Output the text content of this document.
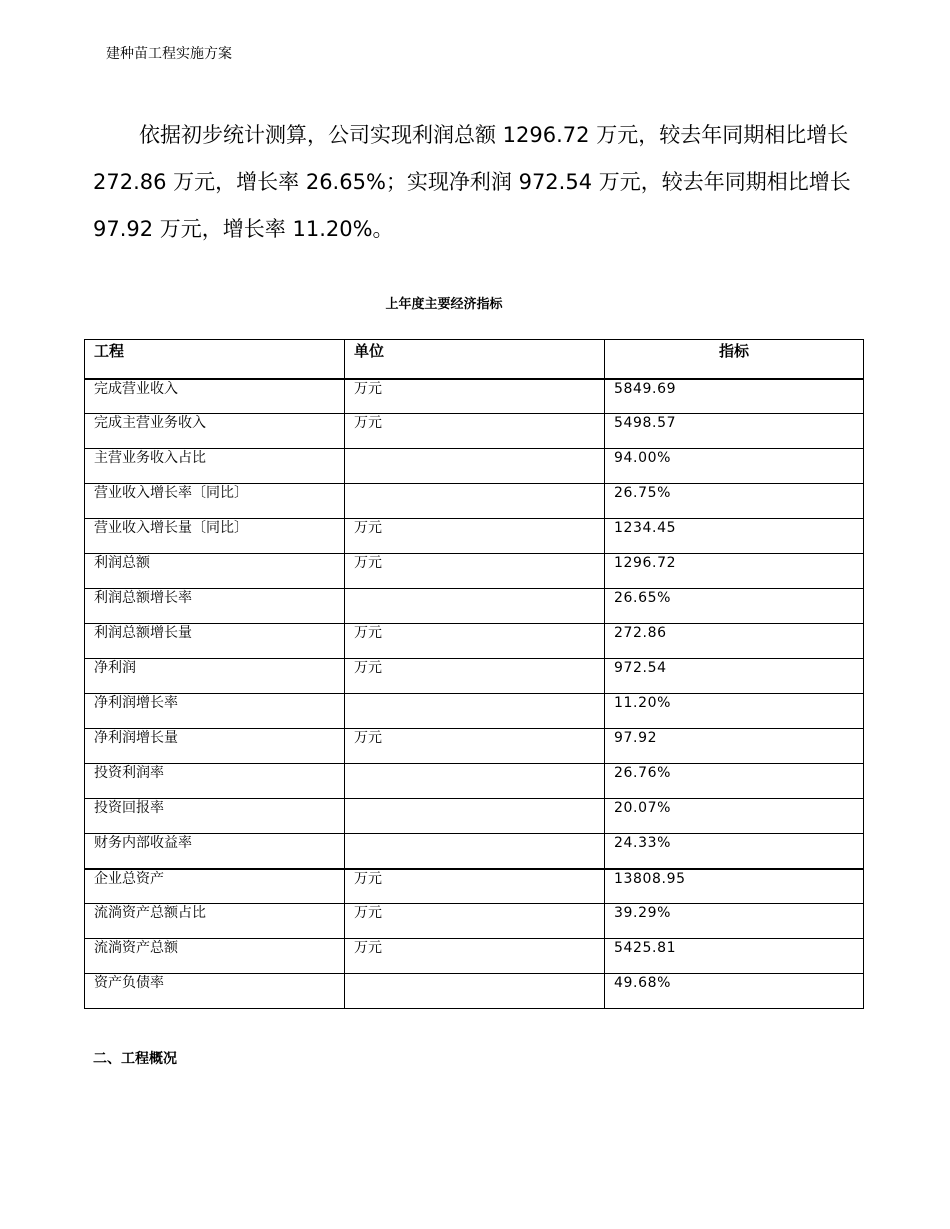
建种苗工程实施方案

依据初步统计测算，公司实现利润总额 1296.72 万元，较去年同期相比增长 272.86 万元，增长率 26.65%；实现净利润 972.54 万元，较去年同期相比增长 97.92 万元，增长率 11.20%。

上年度主要经济指标
工程	单位	指标
完成营业收入	万元	5849.69
完成主营业务收入	万元	5498.57
主营业务收入占比		94.00%
营业收入增长率〔同比〕		26.75%
营业收入增长量〔同比〕	万元	1234.45
利润总额	万元	1296.72
利润总额增长率		26.65%
利润总额增长量	万元	272.86
净利润	万元	972.54
净利润增长率		11.20%
净利润增长量	万元	97.92
投资利润率		26.76%
投资回报率		20.07%
财务内部收益率		24.33%
企业总资产	万元	13808.95
流淌资产总额占比	万元	39.29%
流淌资产总额	万元	5425.81
资产负债率		49.68%
二、工程概况
